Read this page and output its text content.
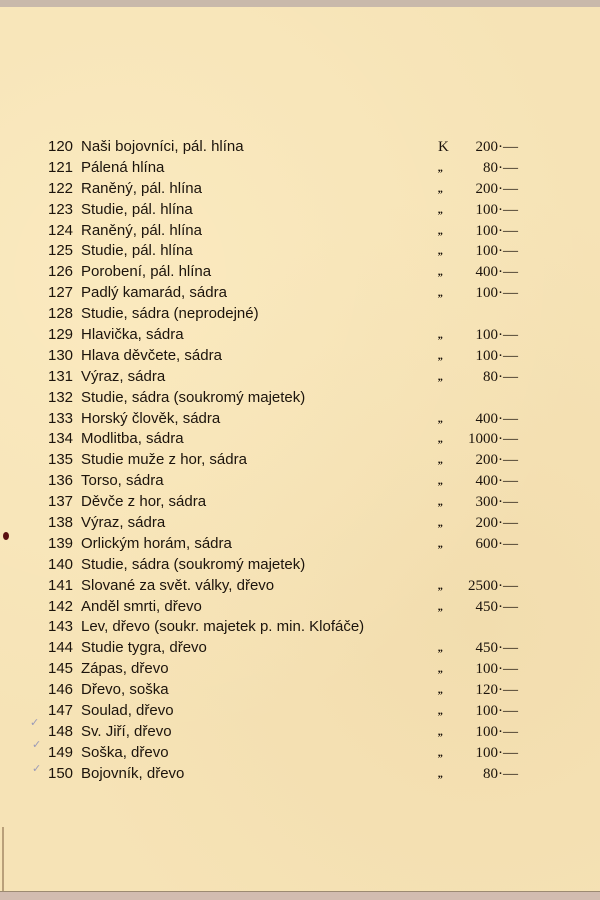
120 Naši bojovníci, pál. hlína	K 200 ·—
121 Pálená hlína	„	80 ·—
122 Raněný, pál. hlína	„ 200 ·—
123 Studie, pál. hlína	„ 100 ·—
124 Raněný, pál. hlína	„ 100 ·—
125 Studie, pál. hlína	„ 100 ·—
126 Porobení, pál. hlína	„ 400 ·—
127 Padlý kamarád, sádra	„ 100 ·—
128 Studie, sádra (neprodejné)
129 Hlavička, sádra	„ 100 ·—
130 Hlava děvčete, sádra	„ 100 ·—
131 Výraz, sádra	„	80 ·—
132 Studie, sádra (soukromý majetek)
133 Horský člověk, sádra	„ 400 ·—
134 Modlitba, sádra	„ 1000 ·—
135 Studie muže z hor, sádra	„ 200 ·—
136 Torso, sádra	„ 400 ·—
137 Děvče z hor, sádra	„ 300 ·—
138 Výraz, sádra	„ 200 ·—
139 Orlickým horám, sádra	„ 600 ·—
140 Studie, sádra (soukromý majetek)
141 Slované za svět. války, dřevo	„ 2500 ·—
142 Anděl smrti, dřevo	„ 450 ·—
143 Lev, dřevo (soukr. majetek p. min. Klofáče)
144 Studie tygra, dřevo	„ 450 ·—
145 Zápas, dřevo	„ 100 ·—
146 Dřevo, soška	„ 120 ·—
147 Soulad, dřevo	„ 100 ·—
148 Sv. Jiří, dřevo	„ 100 ·—
149 Soška, dřevo	„ 100 ·—
150 Bojovník, dřevo	„	80 ·—
✓
✓
✓
